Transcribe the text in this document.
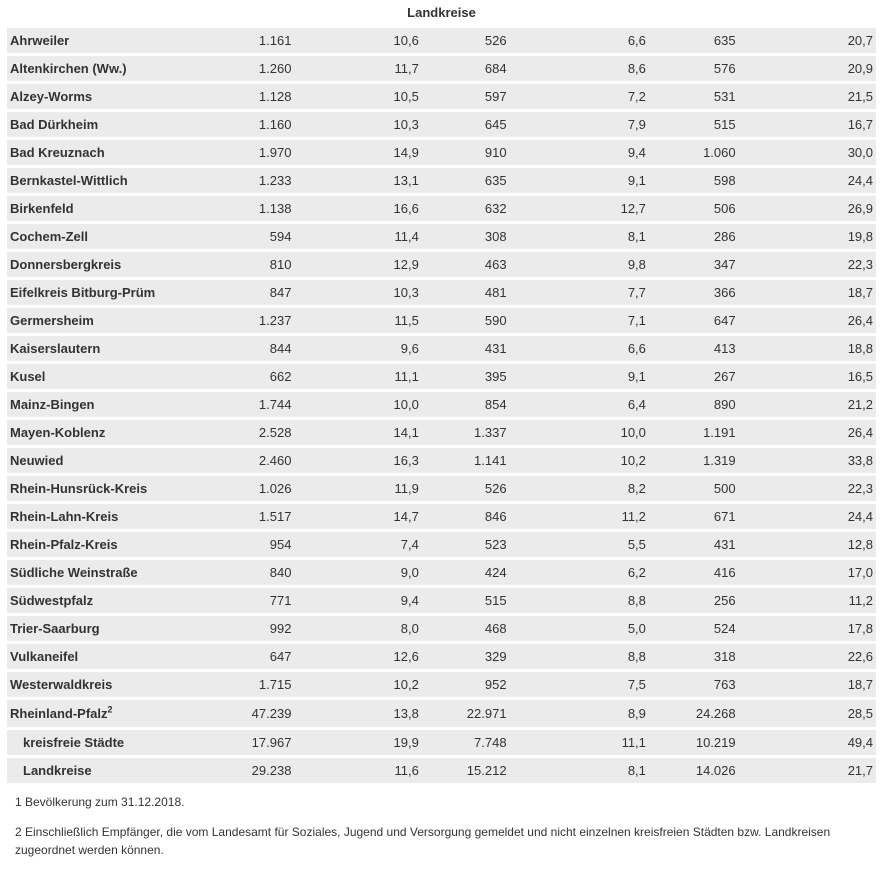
Landkreise
Ahrweiler	1.161	10,6	526	6,6	635	20,7
Altenkirchen (Ww.)	1.260	11,7	684	8,6	576	20,9
Alzey-Worms	1.128	10,5	597	7,2	531	21,5
Bad Dürkheim	1.160	10,3	645	7,9	515	16,7
Bad Kreuznach	1.970	14,9	910	9,4	1.060	30,0
Bernkastel-Wittlich	1.233	13,1	635	9,1	598	24,4
Birkenfeld	1.138	16,6	632	12,7	506	26,9
Cochem-Zell	594	11,4	308	8,1	286	19,8
Donnersbergkreis	810	12,9	463	9,8	347	22,3
Eifelkreis Bitburg-Prüm	847	10,3	481	7,7	366	18,7
Germersheim	1.237	11,5	590	7,1	647	26,4
Kaiserslautern	844	9,6	431	6,6	413	18,8
Kusel	662	11,1	395	9,1	267	16,5
Mainz-Bingen	1.744	10,0	854	6,4	890	21,2
Mayen-Koblenz	2.528	14,1	1.337	10,0	1.191	26,4
Neuwied	2.460	16,3	1.141	10,2	1.319	33,8
Rhein-Hunsrück-Kreis	1.026	11,9	526	8,2	500	22,3
Rhein-Lahn-Kreis	1.517	14,7	846	11,2	671	24,4
Rhein-Pfalz-Kreis	954	7,4	523	5,5	431	12,8
Südliche Weinstraße	840	9,0	424	6,2	416	17,0
Südwestpfalz	771	9,4	515	8,8	256	11,2
Trier-Saarburg	992	8,0	468	5,0	524	17,8
Vulkaneifel	647	12,6	329	8,8	318	22,6
Westerwaldkreis	1.715	10,2	952	7,5	763	18,7
Rheinland-Pfalz$^2$	47.239	13,8	22.971	8,9	24.268	28,5
kreisfreie Städte	17.967	19,9	7.748	11,1	10.219	49,4
Landkreise	29.238	11,6	15.212	8,1	14.026	21,7

1 Bevölkerung zum 31.12.2018.

2 Einschließlich Empfänger, die vom Landesamt für Soziales, Jugend und Versorgung gemeldet und nicht einzelnen kreisfreien Städten bzw. Landkreisen zugeordnet werden können.
